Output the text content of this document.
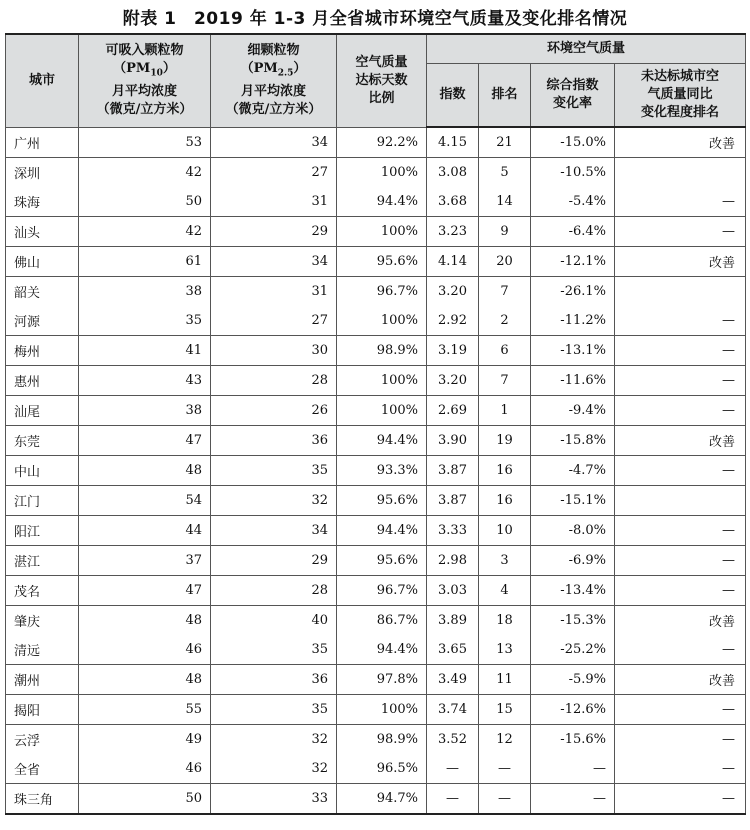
附表 1　2019 年 1-3 月全省城市环境空气质量及变化排名情况
城市	可吸入颗粒物
$(PM_{10})$
月平均浓度
（微克/立方米）	细颗粒物
$(PM_{2.5})$
月平均浓度
（微克/立方米）	空气质量
达标天数
比例	环境空气质量			
				指数	排名	综合指数
变化率	未达标城市空
气质量同比
变化程度排名
广州	53	34	92.2%	4.15	21	-15.0%	改善
深圳	42	27	100%	3.08	5	-10.5%	
珠海	50	31	94.4%	3.68	14	-5.4%	—
汕头	42	29	100%	3.23	9	-6.4%	—
佛山	61	34	95.6%	4.14	20	-12.1%	改善
韶关	38	31	96.7%	3.20	7	-26.1%	
河源	35	27	100%	2.92	2	-11.2%	—
梅州	41	30	98.9%	3.19	6	-13.1%	—
惠州	43	28	100%	3.20	7	-11.6%	—
汕尾	38	26	100%	2.69	1	-9.4%	—
东莞	47	36	94.4%	3.90	19	-15.8%	改善
中山	48	35	93.3%	3.87	16	-4.7%	—
江门	54	32	95.6%	3.87	16	-15.1%	
阳江	44	34	94.4%	3.33	10	-8.0%	—
湛江	37	29	95.6%	2.98	3	-6.9%	—
茂名	47	28	96.7%	3.03	4	-13.4%	—
肇庆	48	40	86.7%	3.89	18	-15.3%	改善
清远	46	35	94.4%	3.65	13	-25.2%	—
潮州	48	36	97.8%	3.49	11	-5.9%	改善
揭阳	55	35	100%	3.74	15	-12.6%	—
云浮	49	32	98.9%	3.52	12	-15.6%	—
全省	46	32	96.5%	—	—	—	—
珠三角	50	33	94.7%	—	—	—	—
